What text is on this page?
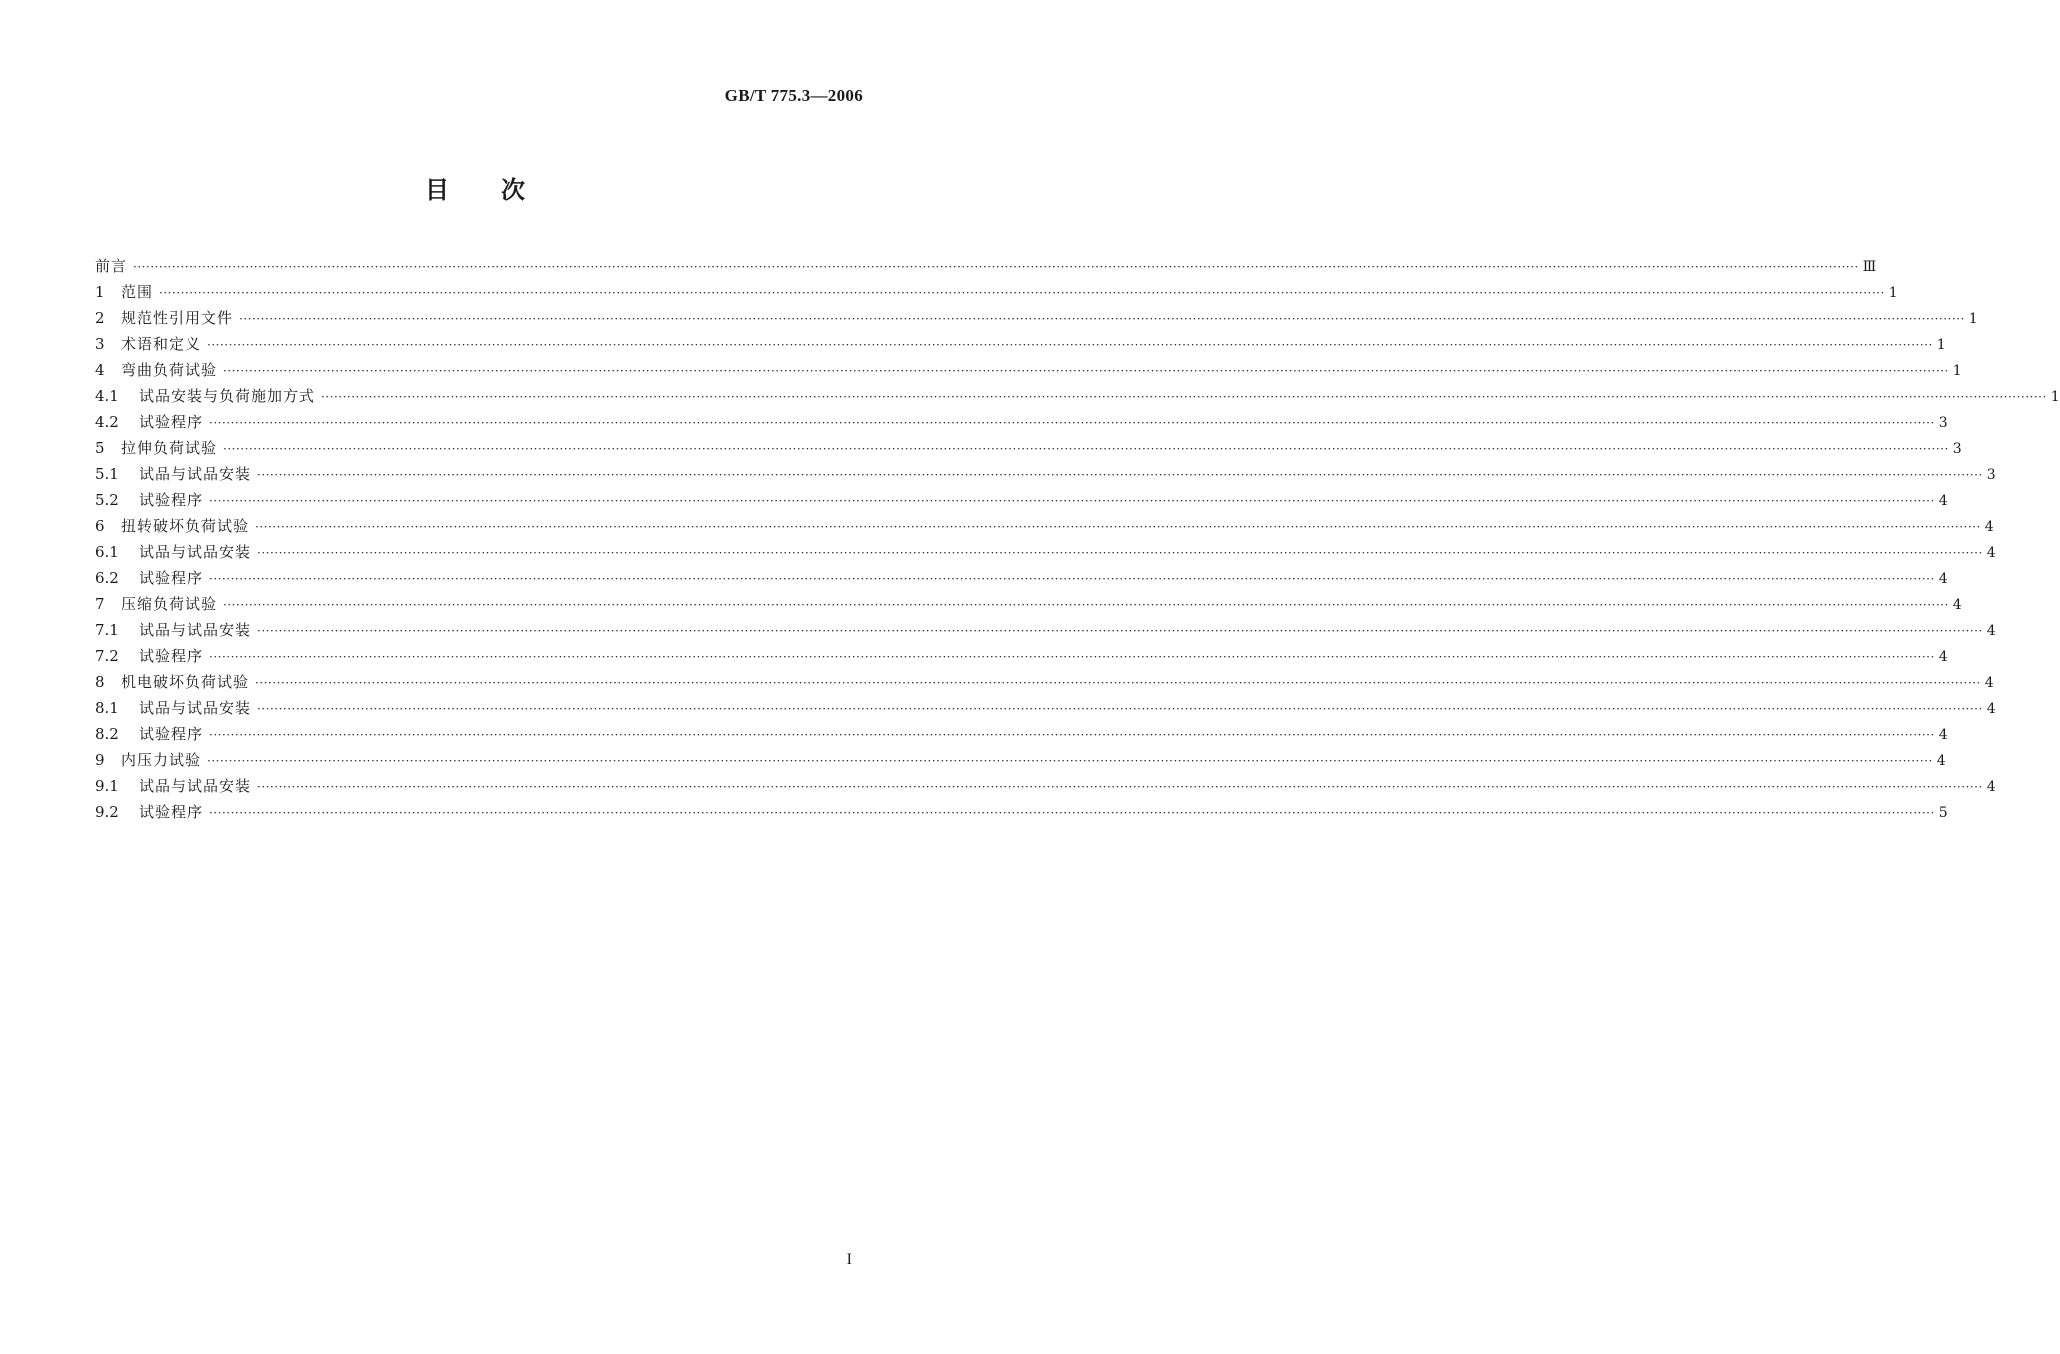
GB/T 775.3—2006
目次
前言 ················································································································································································································································································································································································································ Ⅲ
1	范围 ················································································································································································································································································································································································································ 1
2	规范性引用文件 ················································································································································································································································································································································································································ 1
3	术语和定义 ················································································································································································································································································································································································································ 1
4	弯曲负荷试验 ················································································································································································································································································································································································································ 1
4.1	试品安装与负荷施加方式 ················································································································································································································································································································································································································ 1
4.2	试验程序 ················································································································································································································································································································································································································ 3
5	拉伸负荷试验 ················································································································································································································································································································································································································ 3
5.1	试品与试品安装 ················································································································································································································································································································································································································ 3
5.2	试验程序 ················································································································································································································································································································································································································ 4
6	扭转破坏负荷试验 ················································································································································································································································································································································································································ 4
6.1	试品与试品安装 ················································································································································································································································································································································································································ 4
6.2	试验程序 ················································································································································································································································································································································································································ 4
7	压缩负荷试验 ················································································································································································································································································································································································································ 4
7.1	试品与试品安装 ················································································································································································································································································································································································································ 4
7.2	试验程序 ················································································································································································································································································································································································································ 4
8	机电破坏负荷试验 ················································································································································································································································································································································································································ 4
8.1	试品与试品安装 ················································································································································································································································································································································································································ 4
8.2	试验程序 ················································································································································································································································································································································································································ 4
9	内压力试验 ················································································································································································································································································································································································································ 4
9.1	试品与试品安装 ················································································································································································································································································································································································································ 4
9.2	试验程序 ················································································································································································································································································································································································································ 5
I
